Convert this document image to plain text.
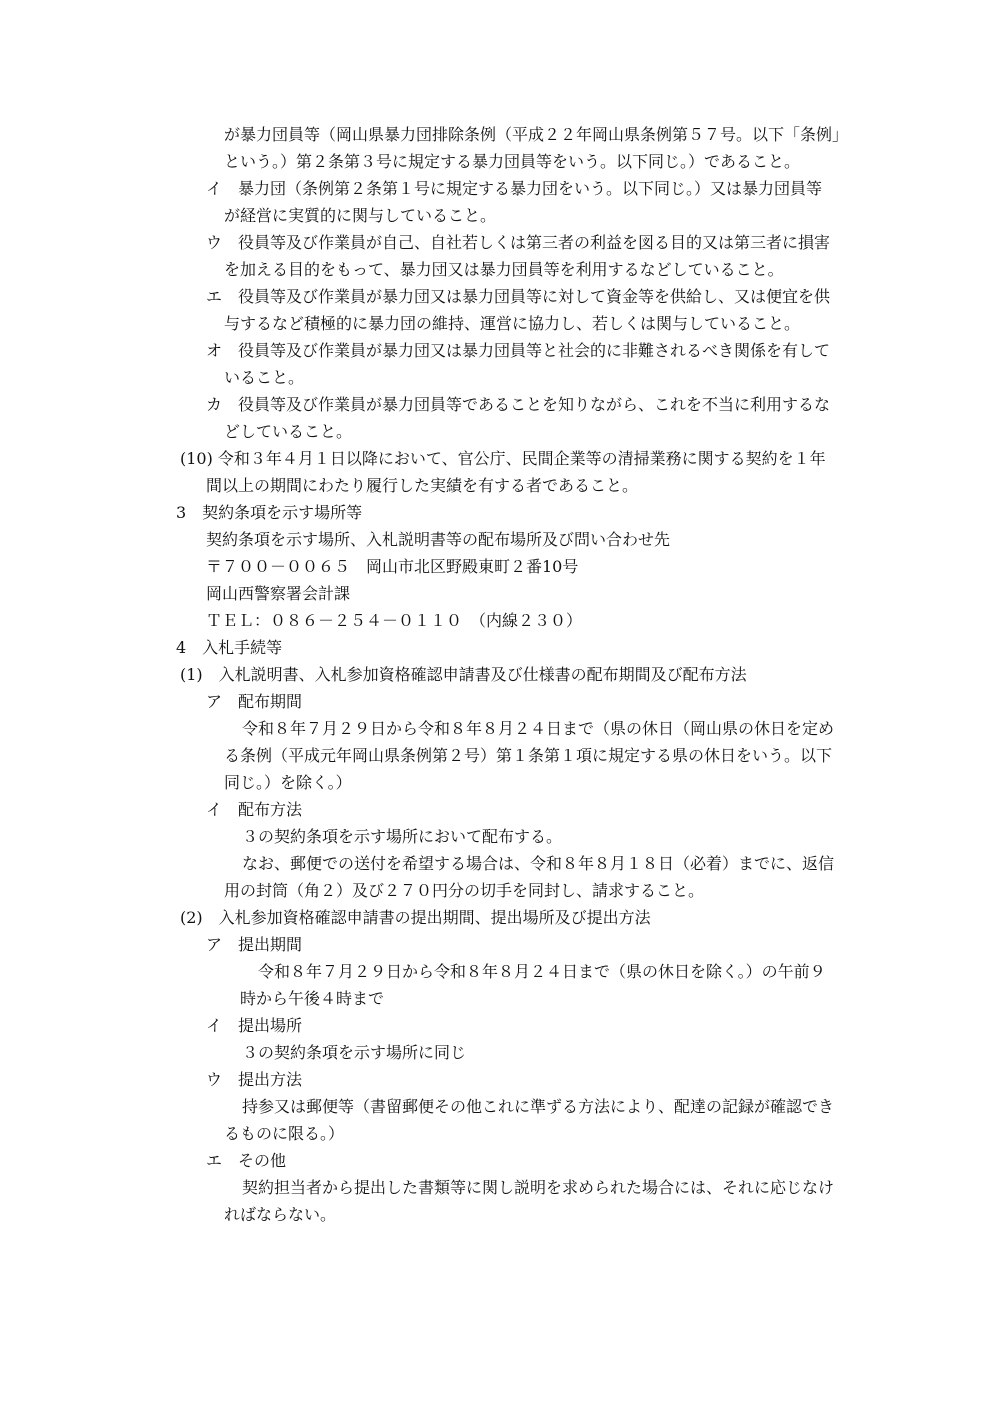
が暴力団員等（岡山県暴力団排除条例（平成２２年岡山県条例第５７号。以下「条例」

という。）第２条第３号に規定する暴力団員等をいう。以下同じ。）であること。

イ　暴力団（条例第２条第１号に規定する暴力団をいう。以下同じ。）又は暴力団員等

が経営に実質的に関与していること。

ウ　役員等及び作業員が自己、自社若しくは第三者の利益を図る目的又は第三者に損害

を加える目的をもって、暴力団又は暴力団員等を利用するなどしていること。

エ　役員等及び作業員が暴力団又は暴力団員等に対して資金等を供給し、又は便宜を供

与するなど積極的に暴力団の維持、運営に協力し、若しくは関与していること。

オ　役員等及び作業員が暴力団又は暴力団員等と社会的に非難されるべき関係を有して

いること。

カ　役員等及び作業員が暴力団員等であることを知りながら、これを不当に利用するな

どしていること。

(10) 令和３年４月１日以降において、官公庁、民間企業等の清掃業務に関する契約を１年

間以上の期間にわたり履行した実績を有する者であること。

3　契約条項を示す場所等

契約条項を示す場所、入札説明書等の配布場所及び問い合わせ先

〒７００－００６５　岡山市北区野殿東町２番10号

岡山西警察署会計課

ＴＥＬ：０８６－２５４－０１１０　（内線２３０）

4　入札手続等

(1)　入札説明書、入札参加資格確認申請書及び仕様書の配布期間及び配布方法

ア　配布期間

令和８年７月２９日から令和８年８月２４日まで（県の休日（岡山県の休日を定め

る条例（平成元年岡山県条例第２号）第１条第１項に規定する県の休日をいう。以下

同じ。）を除く。）

イ　配布方法

３の契約条項を示す場所において配布する。

なお、郵便での送付を希望する場合は、令和８年８月１８日（必着）までに、返信

用の封筒（角２）及び２７０円分の切手を同封し、請求すること。

(2)　入札参加資格確認申請書の提出期間、提出場所及び提出方法

ア　提出期間

令和８年７月２９日から令和８年８月２４日まで（県の休日を除く。）の午前９

時から午後４時まで

イ　提出場所

３の契約条項を示す場所に同じ

ウ　提出方法

持参又は郵便等（書留郵便その他これに準ずる方法により、配達の記録が確認でき

るものに限る。）

エ　その他

契約担当者から提出した書類等に関し説明を求められた場合には、それに応じなけ

ればならない。
